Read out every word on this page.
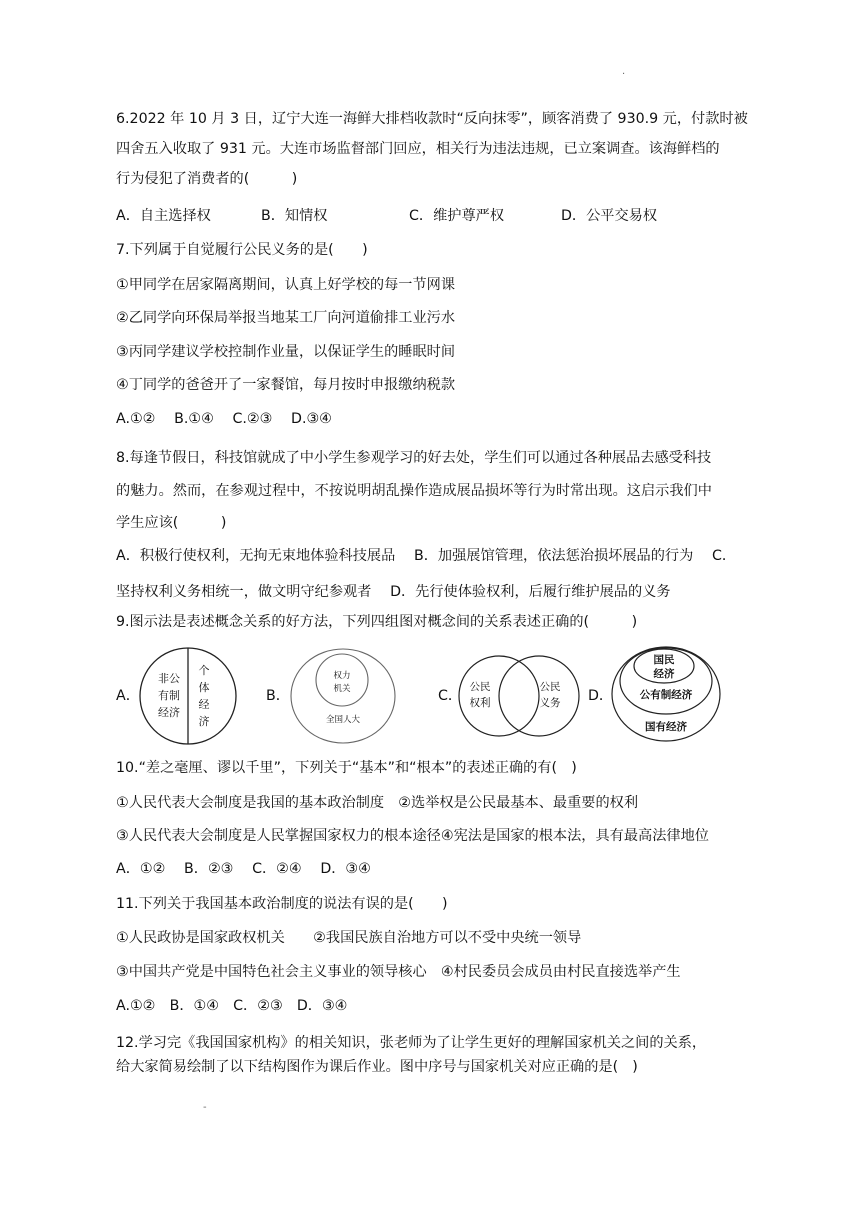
.
-
6.2022 年 10 月 3 日，辽宁大连一海鲜大排档收款时“反向抹零”，顾客消费了 930.9 元，付款时被
四舍五入收取了 931 元。大连市场监督部门回应，相关行为违法违规，已立案调查。该海鲜档的
行为侵犯了消费者的(　　　)
A．自主选择权	B．知情权	C．维护尊严权	D．公平交易权
7.下列属于自觉履行公民义务的是(　　)
①甲同学在居家隔离期间，认真上好学校的每一节网课
②乙同学向环保局举报当地某工厂向河道偷排工业污水
③丙同学建议学校控制作业量，以保证学生的睡眠时间
④丁同学的爸爸开了一家餐馆，每月按时申报缴纳税款
A.①②　 B.①④　 C.②③　 D.③④
8.每逢节假日，科技馆就成了中小学生参观学习的好去处，学生们可以通过各种展品去感受科技
的魅力。然而，在参观过程中，不按说明胡乱操作造成展品损坏等行为时常出现。这启示我们中
学生应该(　　　)
A．积极行使权利，无拘无束地体验科技展品　 B．加强展馆管理，依法惩治损坏展品的行为　 C．
坚持权利义务相统一，做文明守纪参观者　 D．先行使体验权利，后履行维护展品的义务
9.图示法是表述概念关系的好方法，下列四组图对概念间的关系表述正确的(　　　)
A．
非公
有制
经济
个
体
经
济
B．
权力
机关
全国人大
C．
公民
权利
公民
义务 D．
国民
经济
公有制经济
国有经济
10.“差之毫厘、谬以千里”，下列关于“基本”和“根本”的表述正确的有(　)
①人民代表大会制度是我国的基本政治制度　②选举权是公民最基本、最重要的权利
③人民代表大会制度是人民掌握国家权力的根本途径④宪法是国家的根本法，具有最高法律地位
A．①②　 B．②③　 C．②④　 D．③④
11.下列关于我国基本政治制度的说法有误的是(　　)
①人民政协是国家政权机关　　②我国民族自治地方可以不受中央统一领导
③中国共产党是中国特色社会主义事业的领导核心　④村民委员会成员由村民直接选举产生
A.①②　B．①④　C．②③　D．③④
12.学习完《我国国家机构》的相关知识，张老师为了让学生更好的理解国家机关之间的关系，
给大家简易绘制了以下结构图作为课后作业。图中序号与国家机关对应正确的是(　)
